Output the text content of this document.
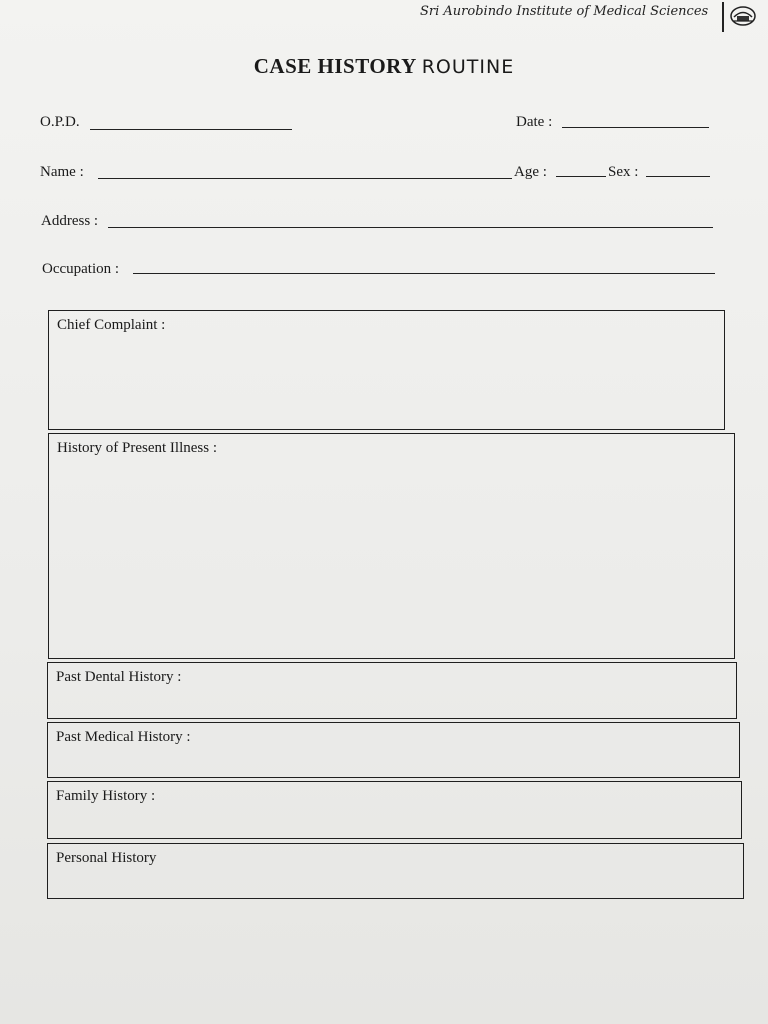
Sri Aurobindo Institute of Medical Sciences
CASE HISTORY ROUTINE
O.P.D.	Date :
Name :	Age :	Sex :
Address :
Occupation :
Chief Complaint :
History of Present Illness :
Past Dental History :
Past Medical History :
Family History :
Personal History
